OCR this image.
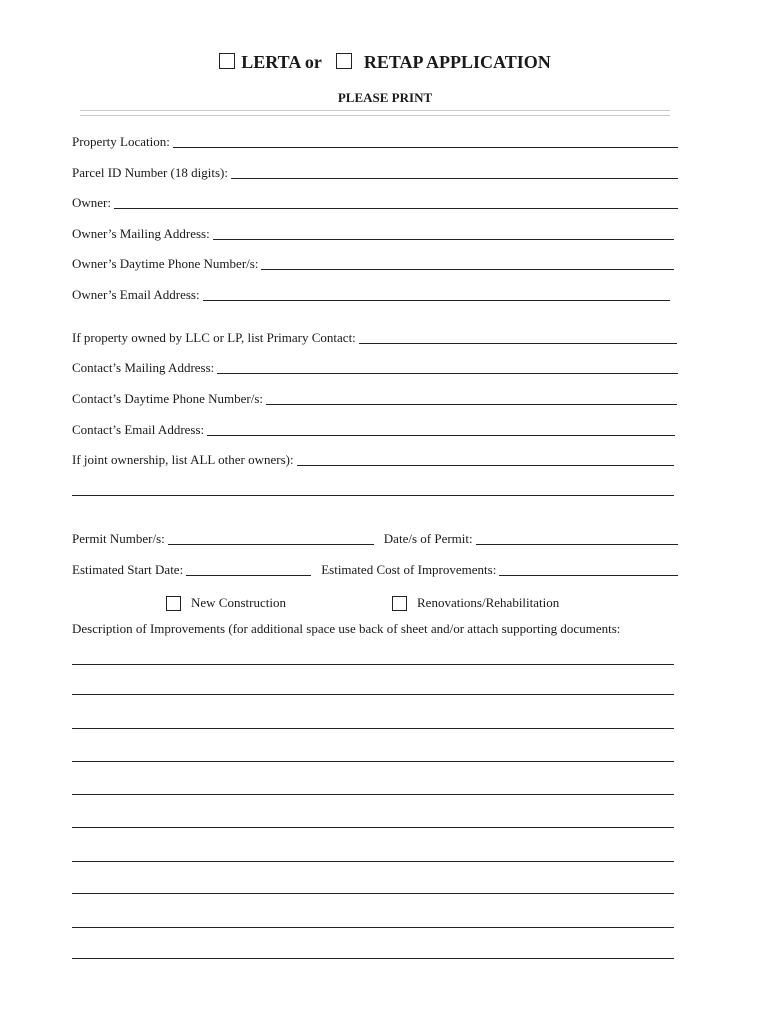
LERTA or RETAP APPLICATION
PLEASE PRINT
Property Location:
Parcel ID Number (18 digits):
Owner:
Owner’s Mailing Address:
Owner’s Daytime Phone Number/s:
Owner’s Email Address:
If property owned by LLC or LP, list Primary Contact:
Contact’s Mailing Address:
Contact’s Daytime Phone Number/s:
Contact’s Email Address:
If joint ownership, list ALL other owners):
Permit Number/s:	Date/s of Permit:
Estimated Start Date:	Estimated Cost of Improvements:
New Construction	Renovations/Rehabilitation
Description of Improvements (for additional space use back of sheet and/or attach supporting documents:
